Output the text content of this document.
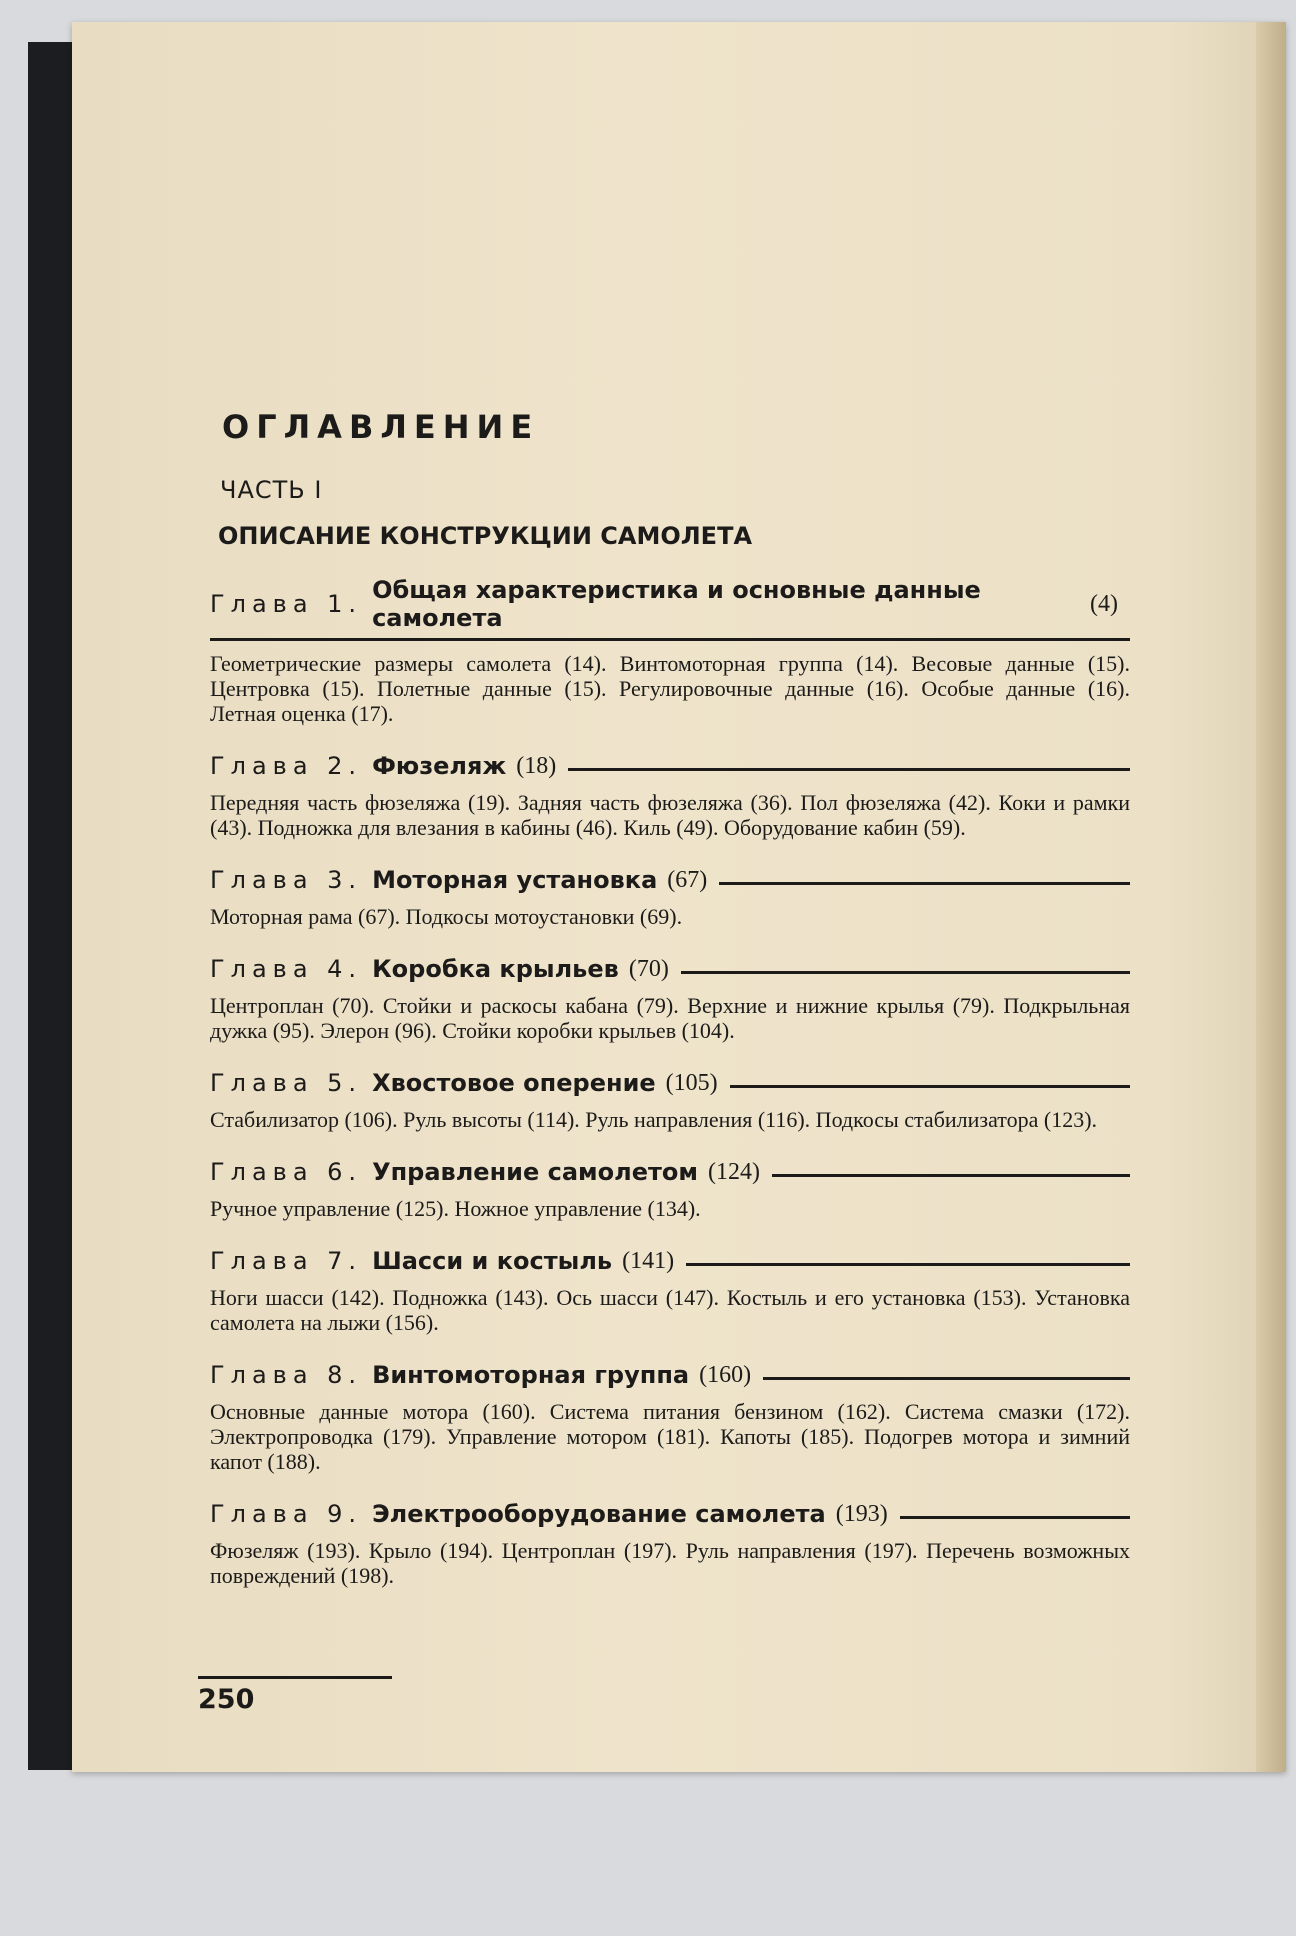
ОГЛАВЛЕНИЕ
ЧАСТЬ I
ОПИСАНИЕ КОНСТРУКЦИИ САМОЛЕТА
Глава 1. Общая характеристика и основные данные самолета	(4)
Геометрические размеры самолета (14). Винтомоторная группа (14). Весовые данные (15). Центровка (15). Полетные данные (15). Регулировочные данные (16). Особые данные (16). Летная оценка (17).
Глава 2. Фюзеляж (18)
Передняя часть фюзеляжа (19). Задняя часть фюзеляжа (36). Пол фюзеляжа (42). Коки и рамки (43). Подножка для влезания в кабины (46). Киль (49). Оборудование кабин (59).
Глава 3. Моторная установка (67)
Моторная рама (67). Подкосы мотоустановки (69).
Глава 4. Коробка крыльев (70)
Центроплан (70). Стойки и раскосы кабана (79). Верхние и нижние крылья (79). Подкрыльная дужка (95). Элерон (96). Стойки коробки крыльев (104).
Глава 5. Хвостовое оперение (105)
Стабилизатор (106). Руль высоты (114). Руль направления (116). Подкосы стабилизатора (123).
Глава 6. Управление самолетом (124)
Ручное управление (125). Ножное управление (134).
Глава 7. Шасси и костыль (141)
Ноги шасси (142). Подножка (143). Ось шасси (147). Костыль и его установка (153). Установка самолета на лыжи (156).
Глава 8. Винтомоторная группа (160)
Основные данные мотора (160). Система питания бензином (162). Система смазки (172). Электропроводка (179). Управление мотором (181). Капоты (185). Подогрев мотора и зимний капот (188).
Глава 9. Электрооборудование самолета (193)
Фюзеляж (193). Крыло (194). Центроплан (197). Руль направления (197). Перечень возможных повреждений (198).
250
